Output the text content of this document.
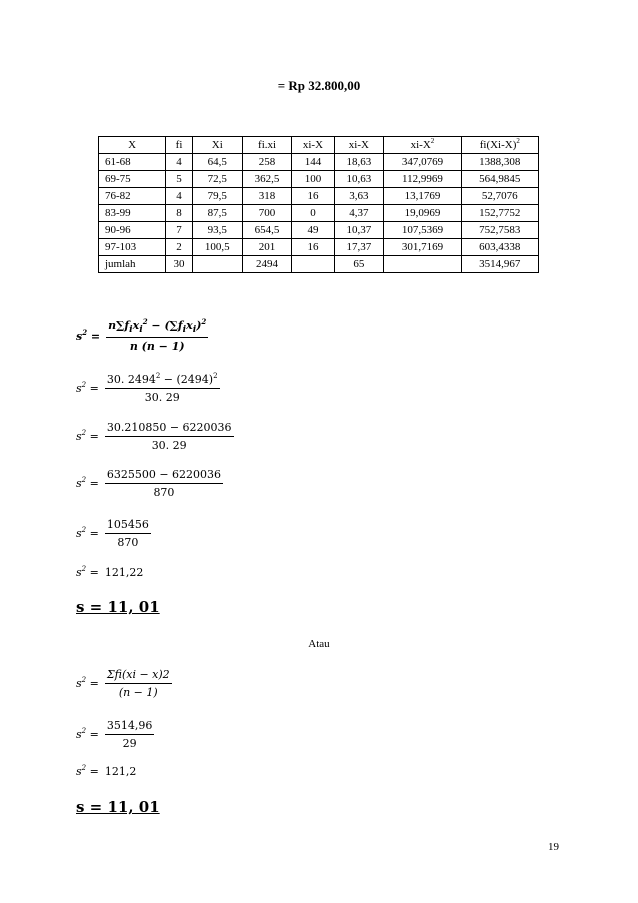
= Rp 32.800,00
X	fi	Xi	fi.xi	xi-X	xi-X	$xi-X^2$	$fi(Xi-X)^2$
61-68	4	64,5	258	144	18,63	347,0769	1388,308
69-75	5	72,5	362,5	100	10,63	112,9969	564,9845
76-82	4	79,5	318	16	3,63	13,1769	52,7076
83-99	8	87,5	700	0	4,37	19,0969	152,7752
90-96	7	93,5	654,5	49	10,37	107,5369	752,7583
97-103	2	100,5	201	16	17,37	301,7169	603,4338
jumlah	30		2494		65		3514,967
$s^2 = \frac{n\sum f_ix_i^2 - (\sum f_ix_i)^2}{n (n - 1)}$
$s^2 = \frac{30. 2494^2 - (2494)^2}{30. 29}$
$s^2 = \frac{30.210850 - 6220036}{30. 29}$
$s^2 = \frac{6325500 - 6220036}{870}$
$s^2 = \frac{105456}{870}$
$s^2 = 121,22$
s = 11, 01
Atau
$s^2 = \frac{\text{Σfi(xi − x)2}}{(n - 1)}$
$s^2 = \frac{3514,96}{29}$
$s^2 = 121,2$
s = 11, 01
19
